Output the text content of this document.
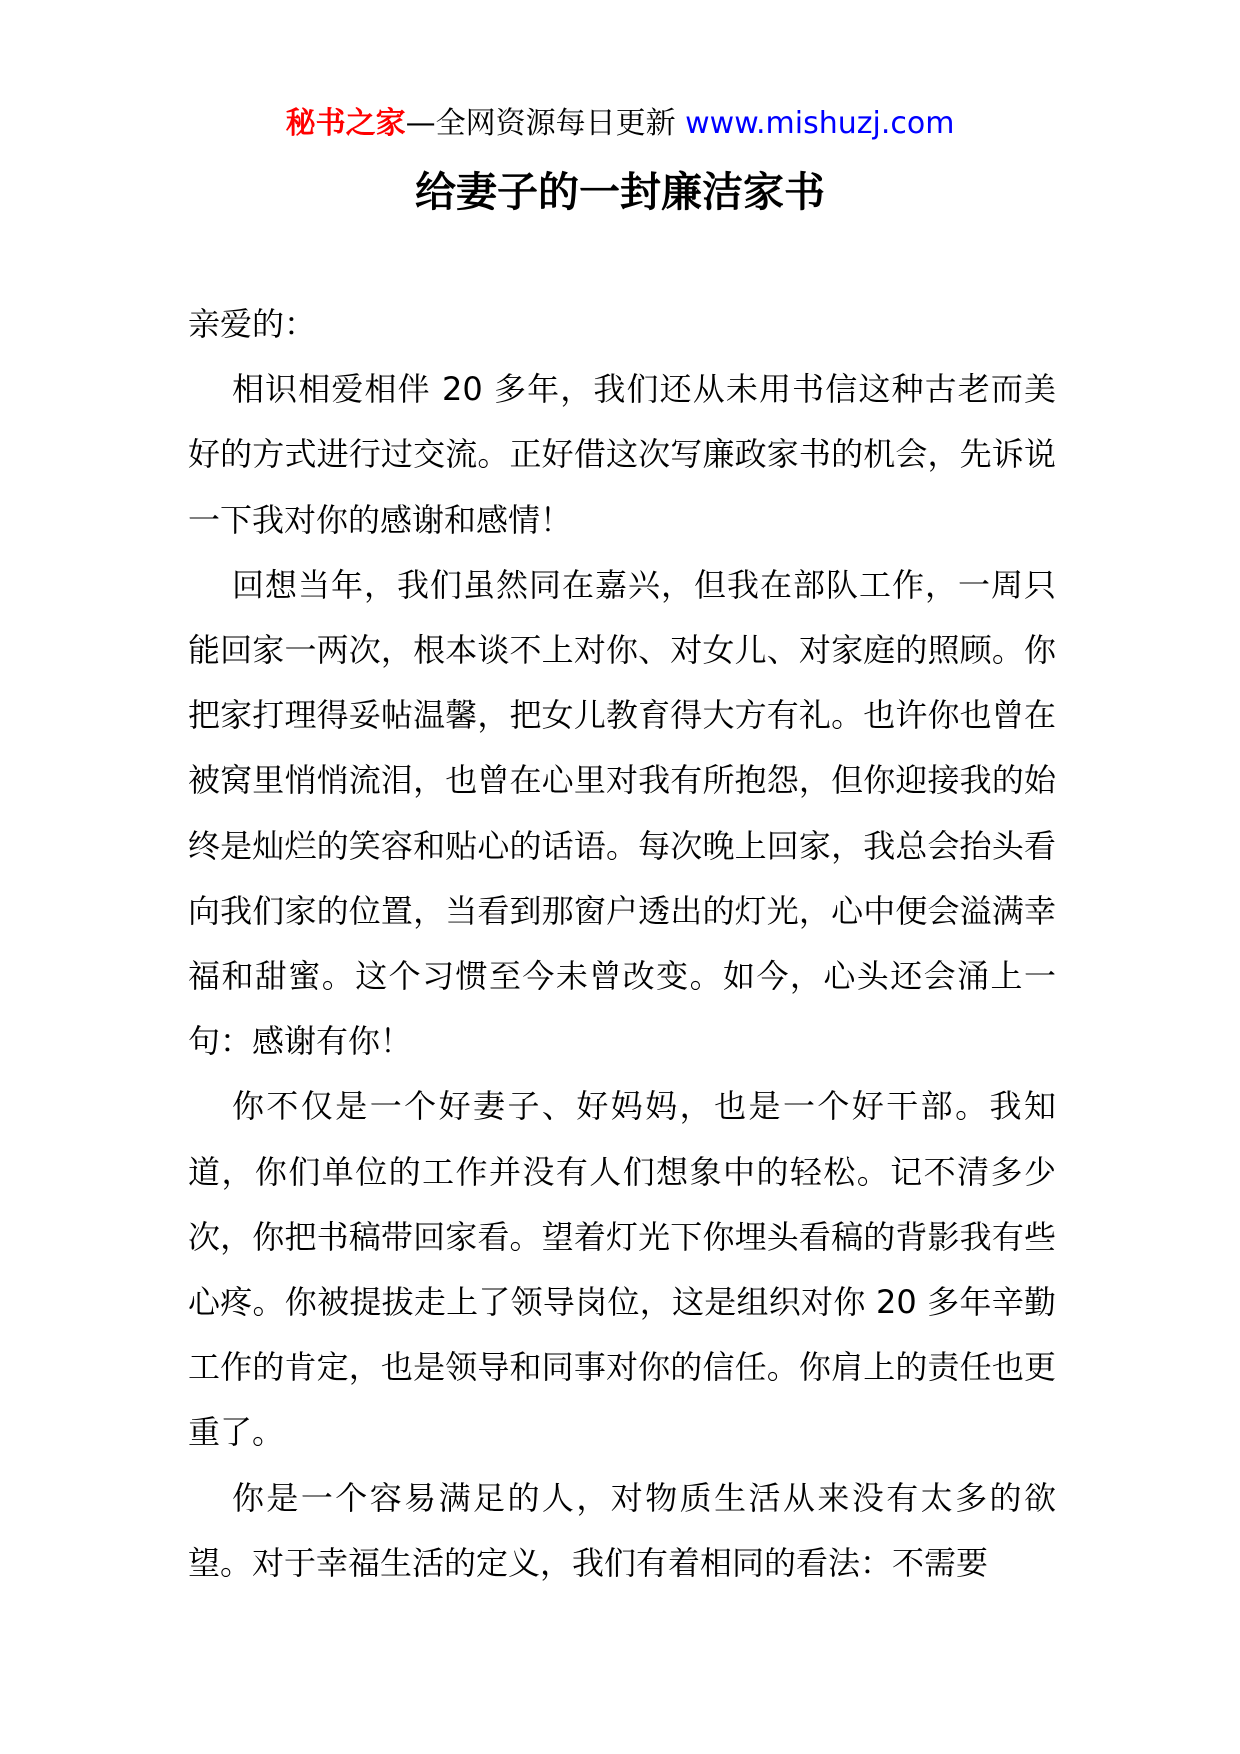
秘书之家—全网资源每日更新 www.mishuzj.com
给妻子的一封廉洁家书

亲爱的：

相识相爱相伴 20 多年，我们还从未用书信这种古老而美好的方式进行过交流。正好借这次写廉政家书的机会，先诉说一下我对你的感谢和感情！

回想当年，我们虽然同在嘉兴，但我在部队工作，一周只能回家一两次，根本谈不上对你、对女儿、对家庭的照顾。你把家打理得妥帖温馨，把女儿教育得大方有礼。也许你也曾在被窝里悄悄流泪，也曾在心里对我有所抱怨，但你迎接我的始终是灿烂的笑容和贴心的话语。每次晚上回家，我总会抬头看向我们家的位置，当看到那窗户透出的灯光，心中便会溢满幸福和甜蜜。这个习惯至今未曾改变。如今，心头还会涌上一句：感谢有你！

你不仅是一个好妻子、好妈妈，也是一个好干部。我知道，你们单位的工作并没有人们想象中的轻松。记不清多少次，你把书稿带回家看。望着灯光下你埋头看稿的背影我有些心疼。你被提拔走上了领导岗位，这是组织对你 20 多年辛勤工作的肯定，也是领导和同事对你的信任。你肩上的责任也更重了。

你是一个容易满足的人，对物质生活从来没有太多的欲望。对于幸福生活的定义，我们有着相同的看法：不需要
